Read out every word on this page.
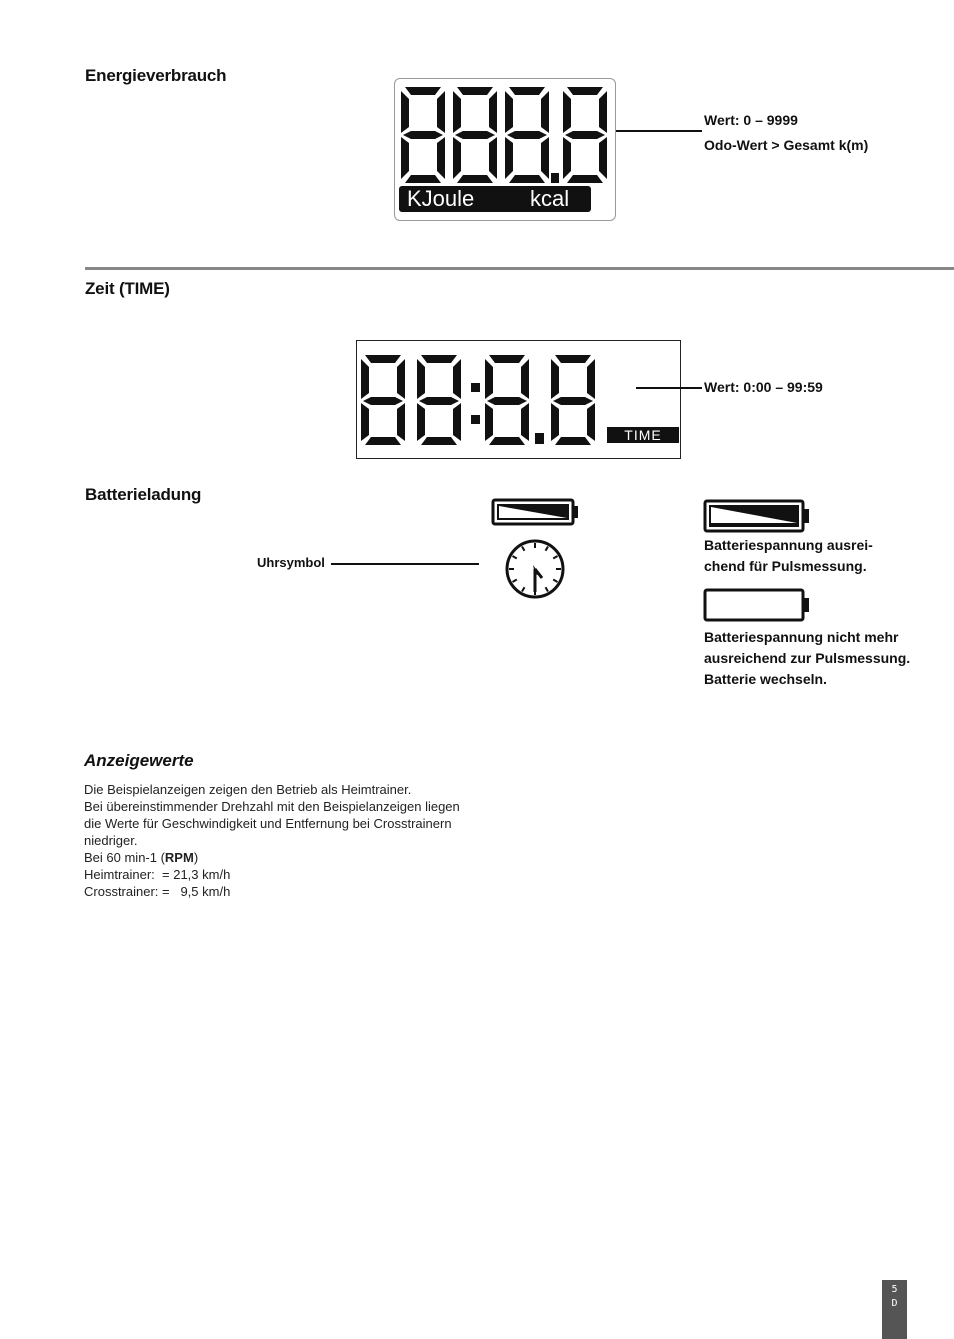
Energieverbrauch
KJoule	kcal
Wert: 0 – 9999
Odo-Wert > Gesamt k(m)
Zeit (TIME)
TIME
Wert: 0:00 – 99:59
Batterieladung
Uhrsymbol
Batteriespannung ausrei-
chend für Pulsmessung.
Batteriespannung nicht mehr
ausreichend zur Pulsmessung.
Batterie wechseln.
Anzeigewerte
Die Beispielanzeigen zeigen den Betrieb als Heimtrainer.
Bei übereinstimmender Drehzahl mit den Beispielanzeigen liegen
die Werte für Geschwindigkeit und Entfernung bei Crosstrainern
niedriger.
Bei 60 min-1 (RPM)
Heimtrainer:  = 21,3 km/h
Crosstrainer: =   9,5 km/h
5
D
